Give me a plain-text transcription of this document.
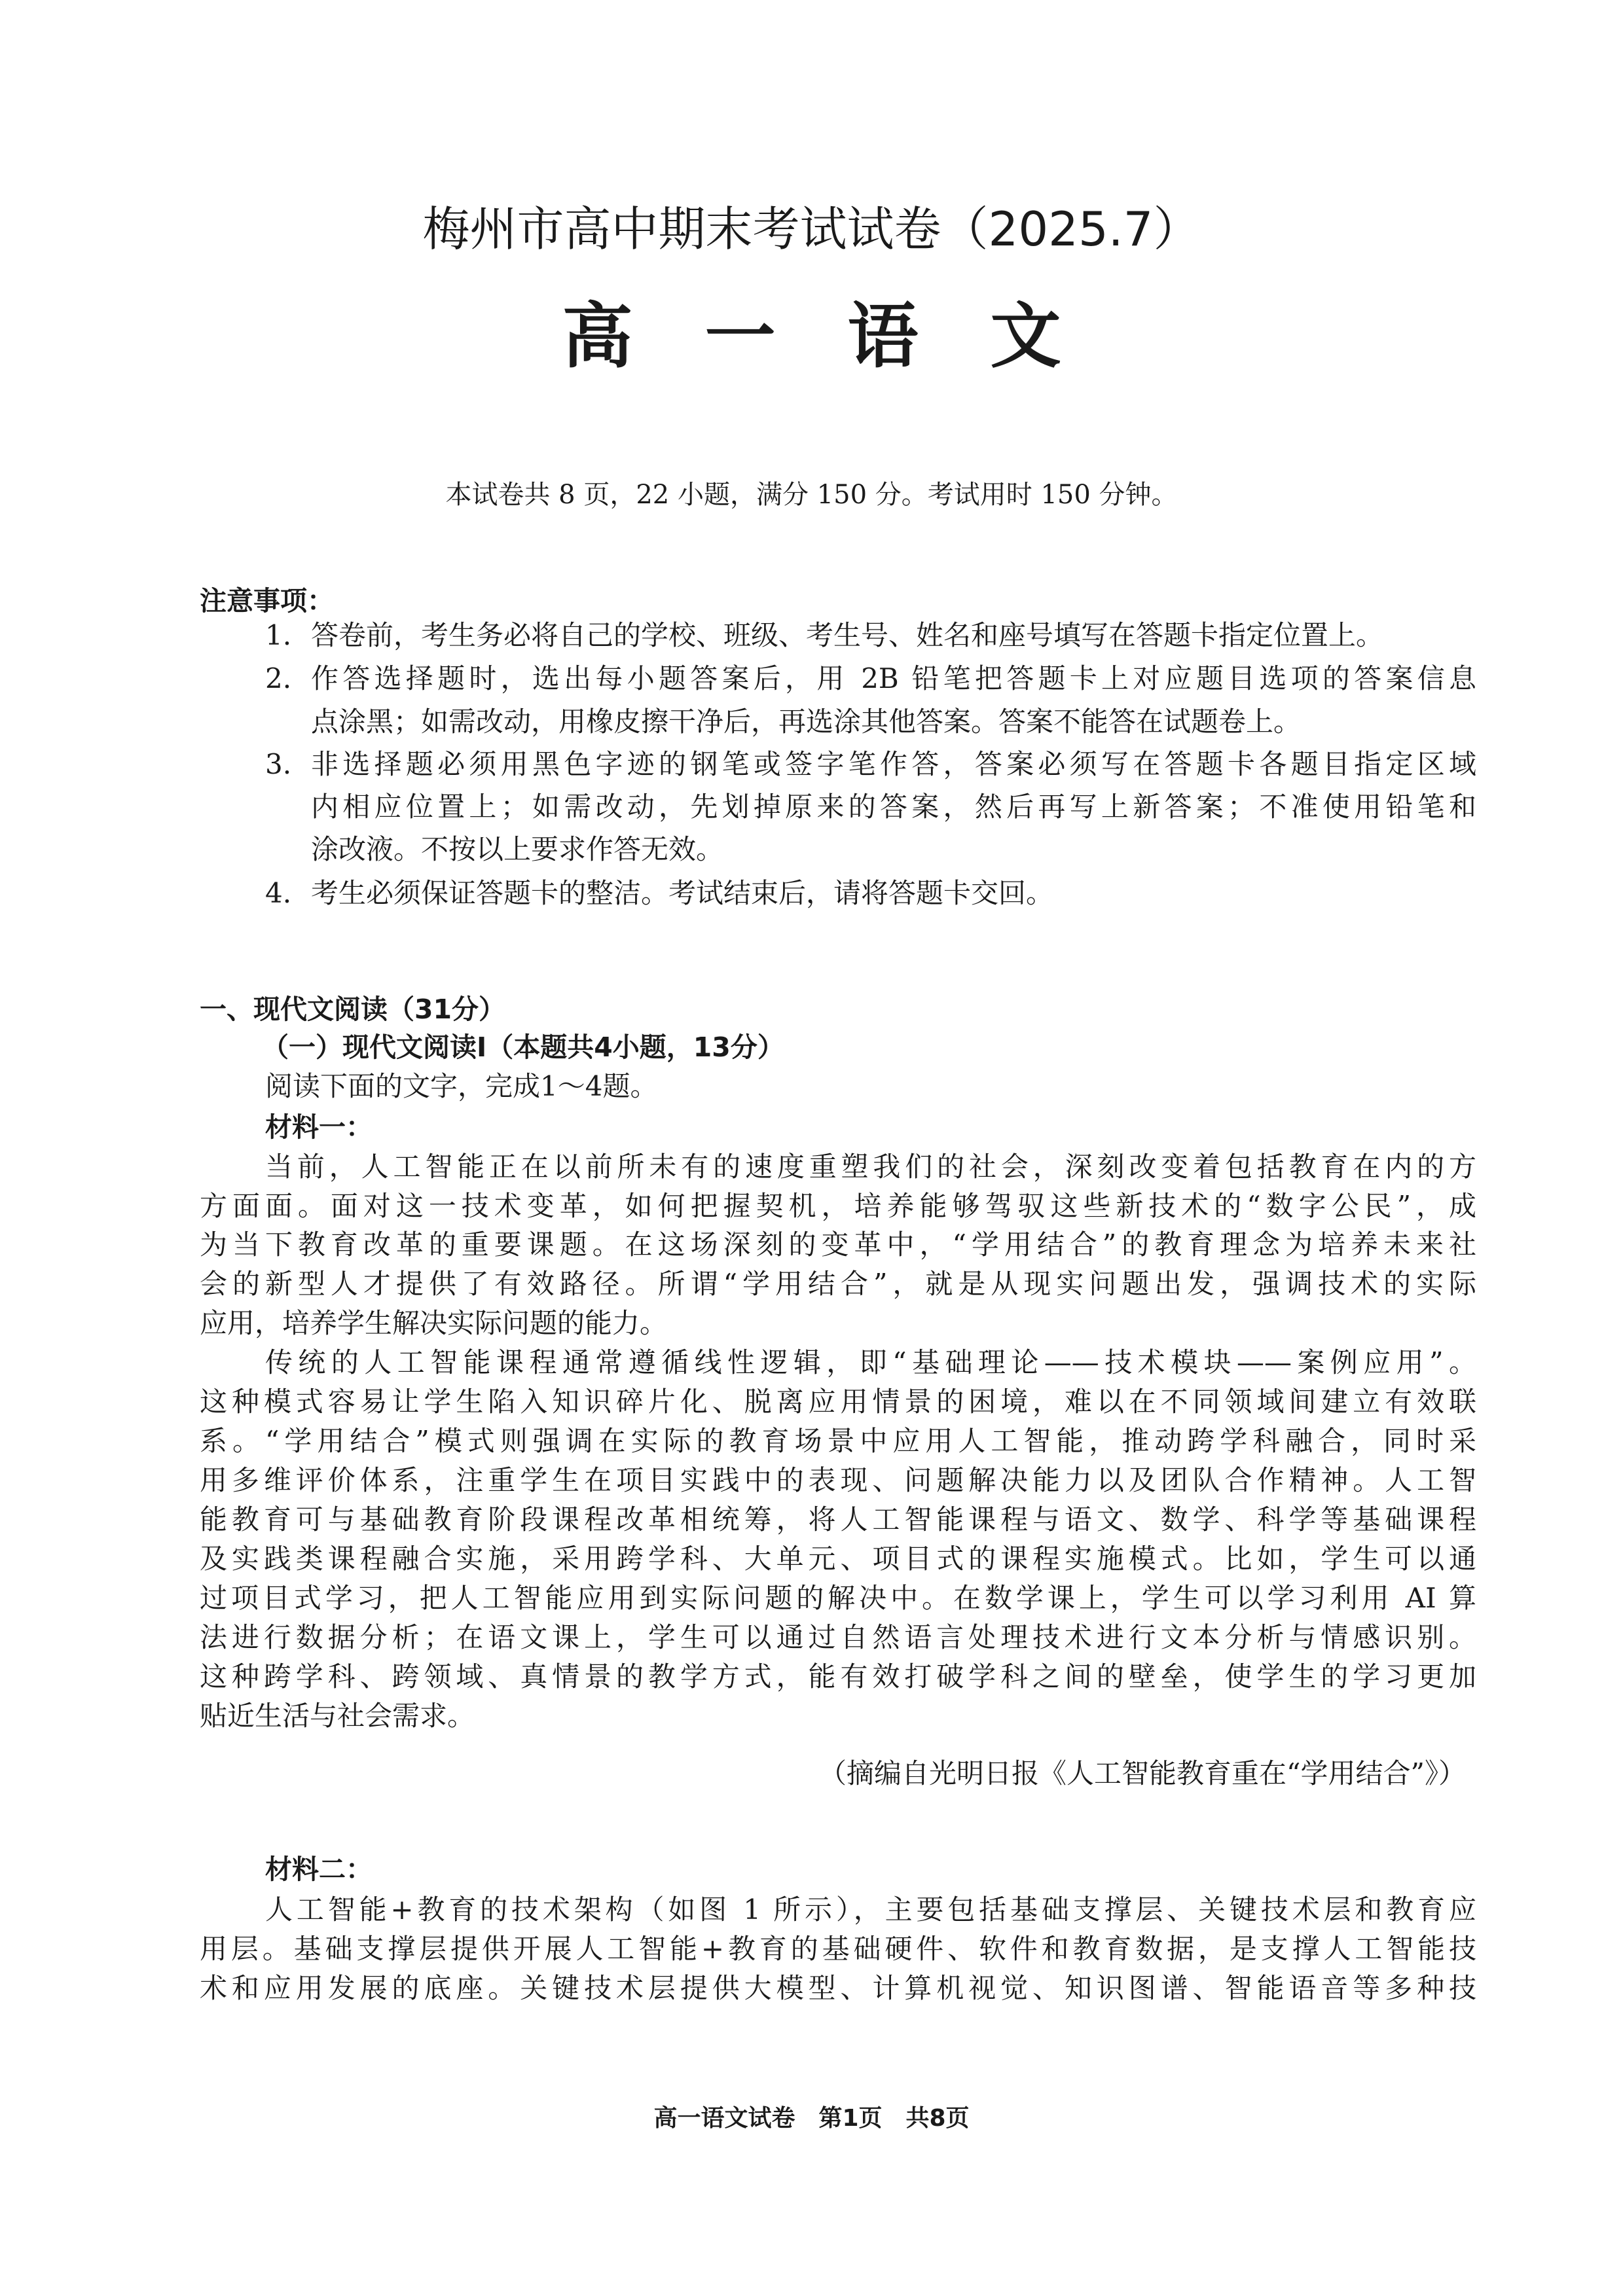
梅州市高中期末考试试卷（2025.7）
高一语文
本试卷共 8 页，22 小题，满分 150 分。考试用时 150 分钟。
注意事项：
1. 答卷前，考生务必将自己的学校、班级、考生号、姓名和座号填写在答题卡指定位置上。
2. 作答选择题时，选出每小题答案后，用 2B 铅笔把答题卡上对应题目选项的答案信息
点涂黑；如需改动，用橡皮擦干净后，再选涂其他答案。答案不能答在试题卷上。
3. 非选择题必须用黑色字迹的钢笔或签字笔作答，答案必须写在答题卡各题目指定区域
内相应位置上；如需改动，先划掉原来的答案，然后再写上新答案；不准使用铅笔和
涂改液。不按以上要求作答无效。
4. 考生必须保证答题卡的整洁。考试结束后，请将答题卡交回。
一、现代文阅读（31分）
（一）现代文阅读Ⅰ（本题共4小题，13分）
阅读下面的文字，完成1～4题。
材料一：
当前，人工智能正在以前所未有的速度重塑我们的社会，深刻改变着包括教育在内的方
方面面。面对这一技术变革，如何把握契机，培养能够驾驭这些新技术的“数字公民”，成
为当下教育改革的重要课题。在这场深刻的变革中，“学用结合”的教育理念为培养未来社
会的新型人才提供了有效路径。所谓“学用结合”，就是从现实问题出发，强调技术的实际
应用，培养学生解决实际问题的能力。
传统的人工智能课程通常遵循线性逻辑，即“基础理论——技术模块——案例应用”。
这种模式容易让学生陷入知识碎片化、脱离应用情景的困境，难以在不同领域间建立有效联
系。“学用结合”模式则强调在实际的教育场景中应用人工智能，推动跨学科融合，同时采
用多维评价体系，注重学生在项目实践中的表现、问题解决能力以及团队合作精神。人工智
能教育可与基础教育阶段课程改革相统筹，将人工智能课程与语文、数学、科学等基础课程
及实践类课程融合实施，采用跨学科、大单元、项目式的课程实施模式。比如，学生可以通
过项目式学习，把人工智能应用到实际问题的解决中。在数学课上，学生可以学习利用 AI 算
法进行数据分析；在语文课上，学生可以通过自然语言处理技术进行文本分析与情感识别。
这种跨学科、跨领域、真情景的教学方式，能有效打破学科之间的壁垒，使学生的学习更加
贴近生活与社会需求。
（摘编自光明日报《人工智能教育重在“学用结合”》）
材料二：
人工智能+教育的技术架构（如图 1 所示），主要包括基础支撑层、关键技术层和教育应
用层。基础支撑层提供开展人工智能+教育的基础硬件、软件和教育数据，是支撑人工智能技
术和应用发展的底座。关键技术层提供大模型、计算机视觉、知识图谱、智能语音等多种技
高一语文试卷　第1页　共8页
